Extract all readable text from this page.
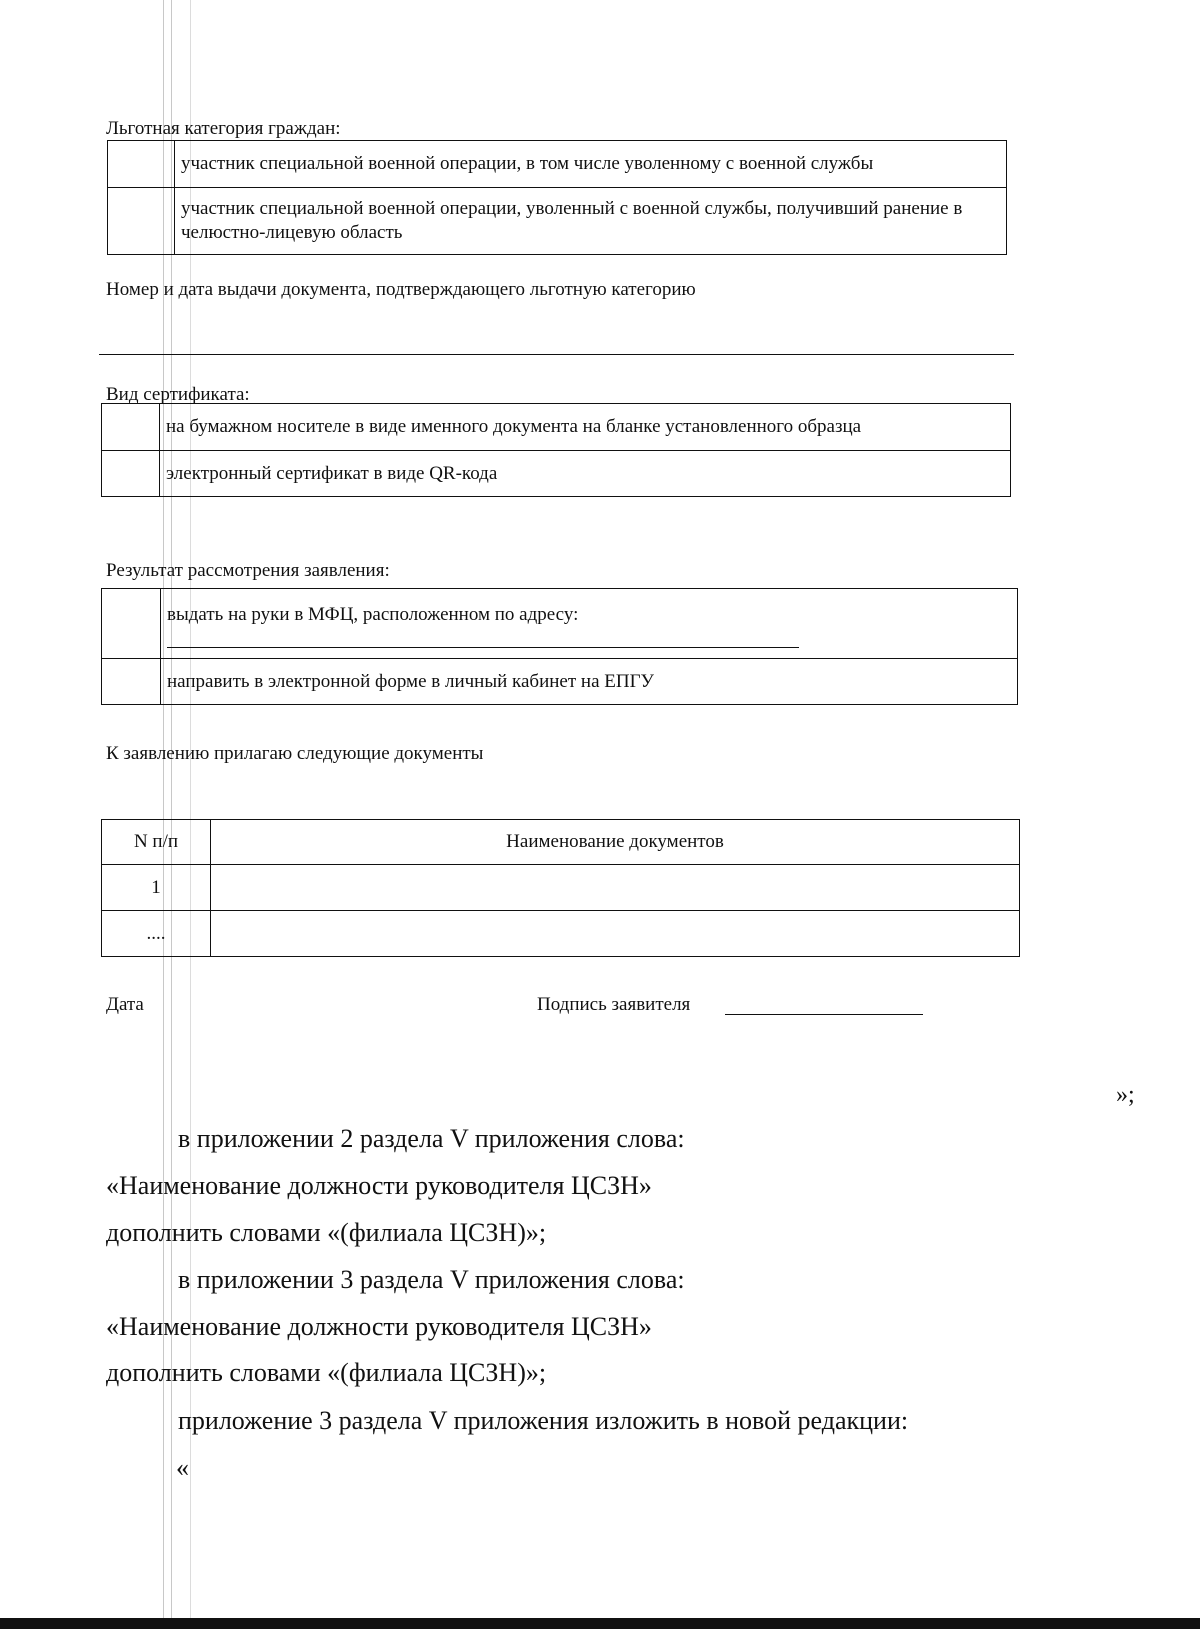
Льготная категория граждан:
	участник специальной военной операции, в том числе уволенному с военной службы
	участник специальной военной операции, уволенный с военной службы, получивший ранение в челюстно-лицевую область
Номер и дата выдачи документа, подтверждающего льготную категорию
Вид сертификата:
	на бумажном носителе в виде именного документа на бланке установленного образца
	электронный сертификат в виде QR-кода
Результат рассмотрения заявления:
	выдать на руки в МФЦ, расположенном по адресу:

	направить в электронной форме в личный кабинет на ЕПГУ
К заявлению прилагаю следующие документы
N п/п	Наименование документов
1	
....	
Дата	Подпись заявителя
»;
в приложении 2 раздела V приложения слова:
«Наименование должности руководителя ЦСЗН»
дополнить словами «(филиала ЦСЗН)»;
в приложении 3 раздела V приложения слова:
«Наименование должности руководителя ЦСЗН»
дополнить словами «(филиала ЦСЗН)»;
приложение 3 раздела V приложения изложить в новой редакции:
«
